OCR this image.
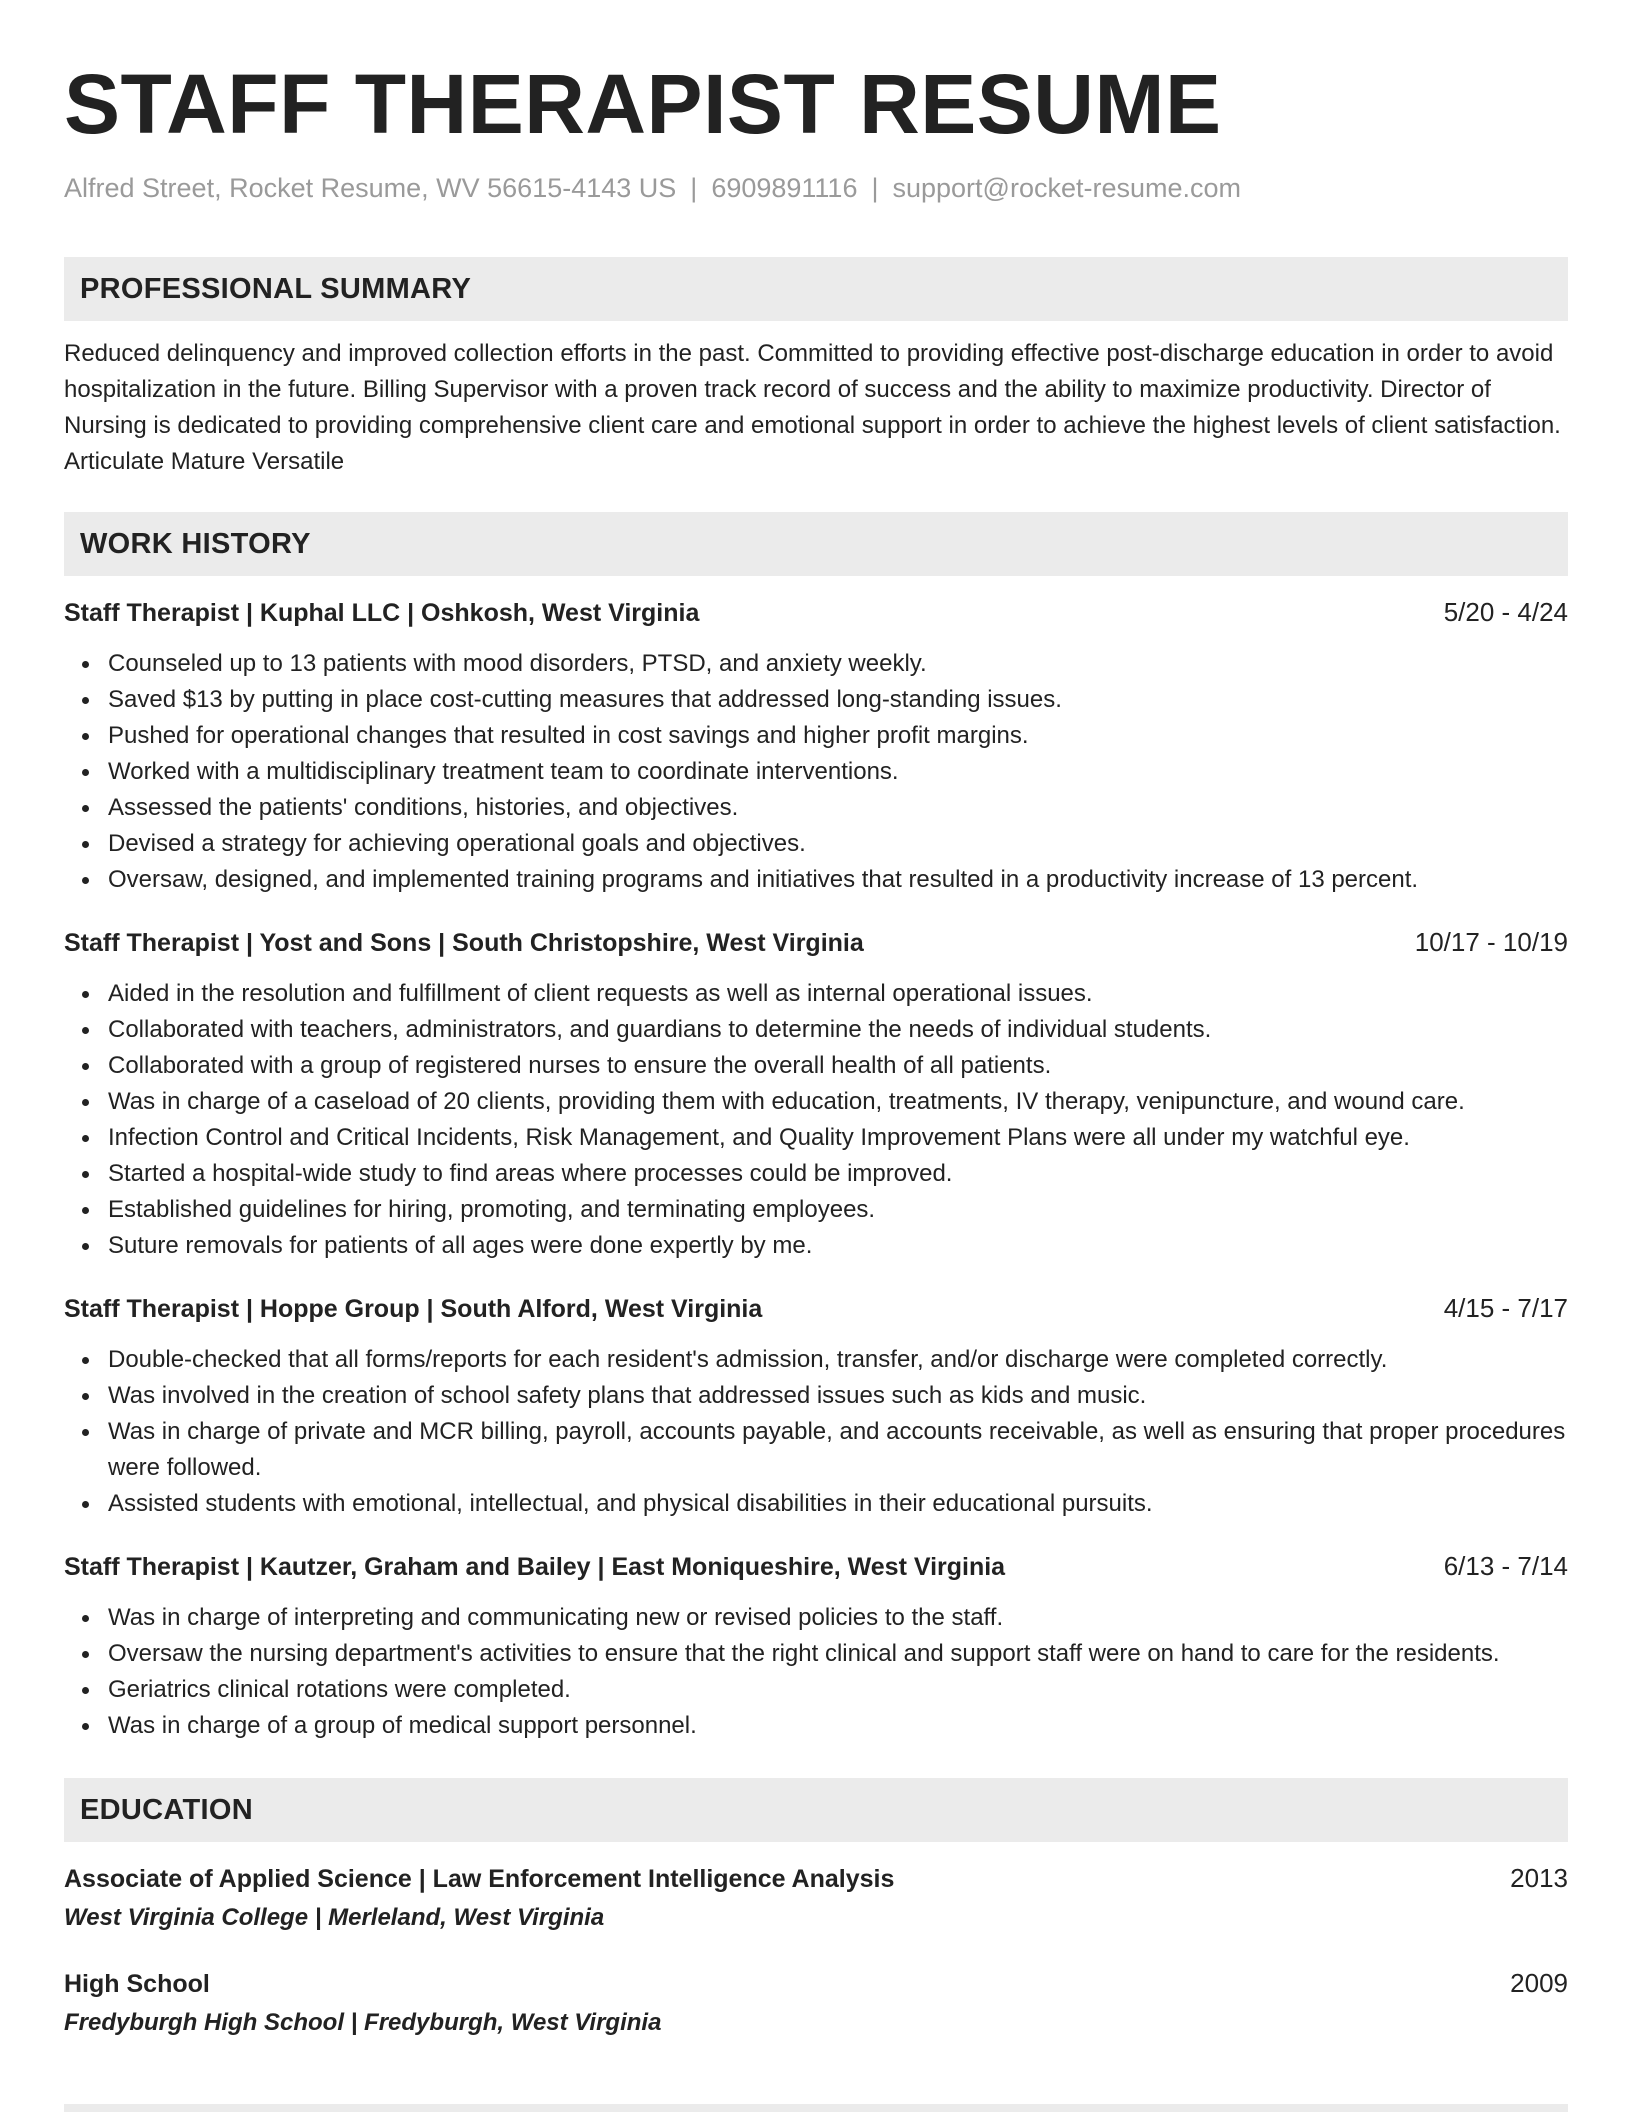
STAFF THERAPIST RESUME
Alfred Street, Rocket Resume, WV 56615-4143 US | 6909891116 | support@rocket-resume.com
PROFESSIONAL SUMMARY
Reduced delinquency and improved collection efforts in the past. Committed to providing effective post-discharge education in order to avoid hospitalization in the future. Billing Supervisor with a proven track record of success and the ability to maximize productivity. Director of Nursing is dedicated to providing comprehensive client care and emotional support in order to achieve the highest levels of client satisfaction. Articulate Mature Versatile
WORK HISTORY
Staff Therapist | Kuphal LLC | Oshkosh, West Virginia	5/20 - 4/24
Counseled up to 13 patients with mood disorders, PTSD, and anxiety weekly.
Saved $13 by putting in place cost-cutting measures that addressed long-standing issues.
Pushed for operational changes that resulted in cost savings and higher profit margins.
Worked with a multidisciplinary treatment team to coordinate interventions.
Assessed the patients' conditions, histories, and objectives.
Devised a strategy for achieving operational goals and objectives.
Oversaw, designed, and implemented training programs and initiatives that resulted in a productivity increase of 13 percent.
Staff Therapist | Yost and Sons | South Christopshire, West Virginia	10/17 - 10/19
Aided in the resolution and fulfillment of client requests as well as internal operational issues.
Collaborated with teachers, administrators, and guardians to determine the needs of individual students.
Collaborated with a group of registered nurses to ensure the overall health of all patients.
Was in charge of a caseload of 20 clients, providing them with education, treatments, IV therapy, venipuncture, and wound care.
Infection Control and Critical Incidents, Risk Management, and Quality Improvement Plans were all under my watchful eye.
Started a hospital-wide study to find areas where processes could be improved.
Established guidelines for hiring, promoting, and terminating employees.
Suture removals for patients of all ages were done expertly by me.
Staff Therapist | Hoppe Group | South Alford, West Virginia	4/15 - 7/17
Double-checked that all forms/reports for each resident's admission, transfer, and/or discharge were completed correctly.
Was involved in the creation of school safety plans that addressed issues such as kids and music.
Was in charge of private and MCR billing, payroll, accounts payable, and accounts receivable, as well as ensuring that proper procedures were followed.
Assisted students with emotional, intellectual, and physical disabilities in their educational pursuits.
Staff Therapist | Kautzer, Graham and Bailey | East Moniqueshire, West Virginia	6/13 - 7/14
Was in charge of interpreting and communicating new or revised policies to the staff.
Oversaw the nursing department's activities to ensure that the right clinical and support staff were on hand to care for the residents.
Geriatrics clinical rotations were completed.
Was in charge of a group of medical support personnel.
EDUCATION
Associate of Applied Science | Law Enforcement Intelligence Analysis	2013
West Virginia College | Merleland, West Virginia
High School	2009
Fredyburgh High School | Fredyburgh, West Virginia
